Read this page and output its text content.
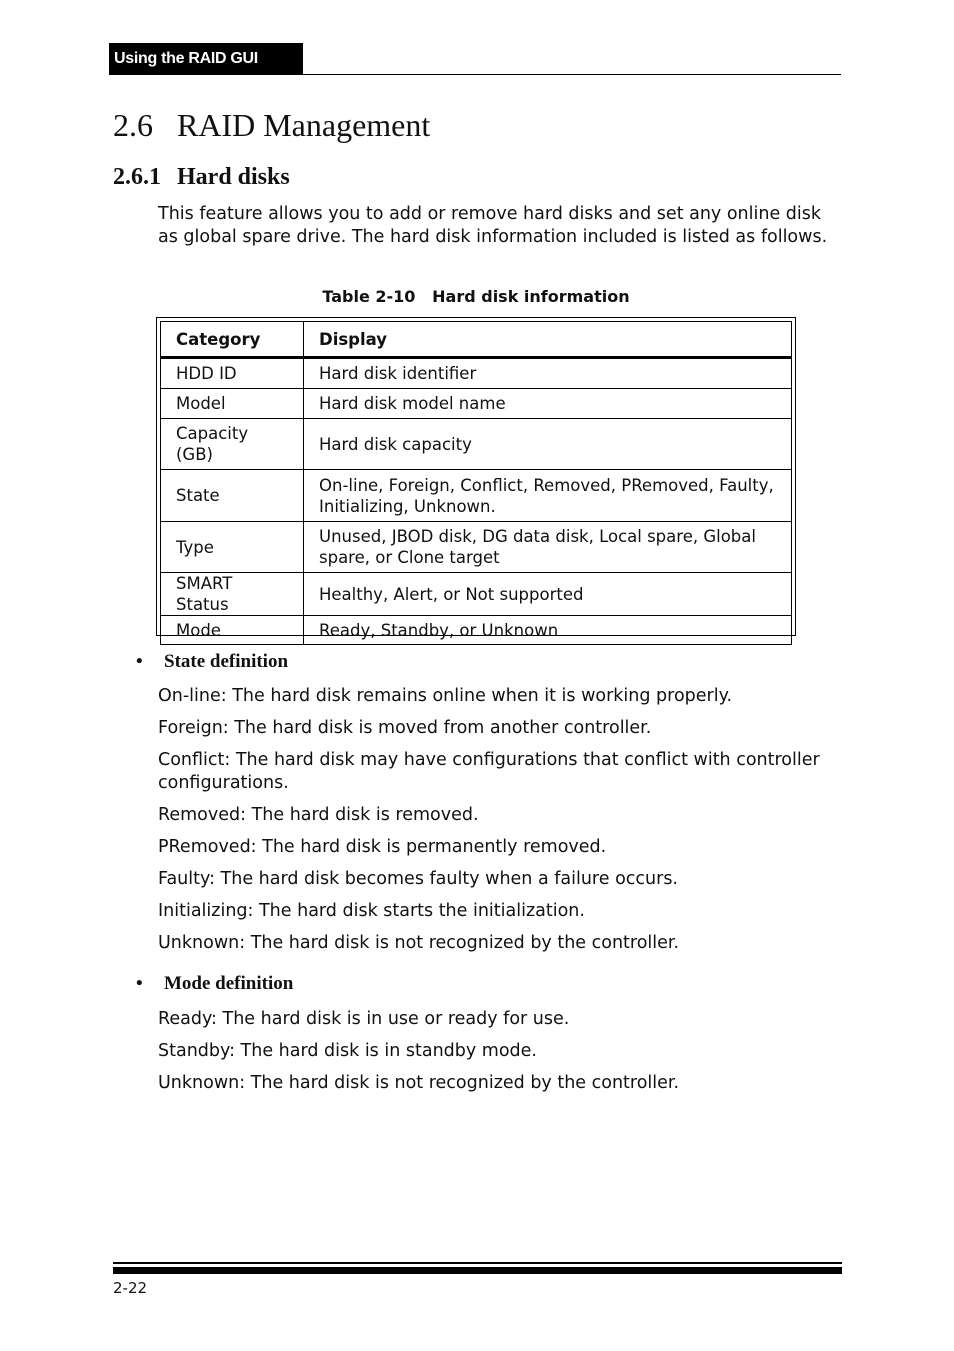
Using the RAID GUI
2.6 RAID Management
2.6.1 Hard disks
This feature allows you to add or remove hard disks and set any online disk as global spare drive. The hard disk information included is listed as follows.
Table 2-10   Hard disk information
Category	Display
HDD ID	Hard disk identifier
Model	Hard disk model name
Capacity (GB)	Hard disk capacity
State	On-line, Foreign, Conflict, Removed, PRemoved, Faulty, Initializing, Unknown.
Type	Unused, JBOD disk, DG data disk, Local spare, Global spare, or Clone target
SMART Status	Healthy, Alert, or Not supported
Mode	Ready, Standby, or Unknown
• State definition
On-line: The hard disk remains online when it is working properly.
Foreign: The hard disk is moved from another controller.
Conflict: The hard disk may have configurations that conflict with controller configurations.
Removed: The hard disk is removed.
PRemoved: The hard disk is permanently removed.
Faulty: The hard disk becomes faulty when a failure occurs.
Initializing: The hard disk starts the initialization.
Unknown: The hard disk is not recognized by the controller.
• Mode definition
Ready: The hard disk is in use or ready for use.
Standby: The hard disk is in standby mode.
Unknown: The hard disk is not recognized by the controller.
2-22
